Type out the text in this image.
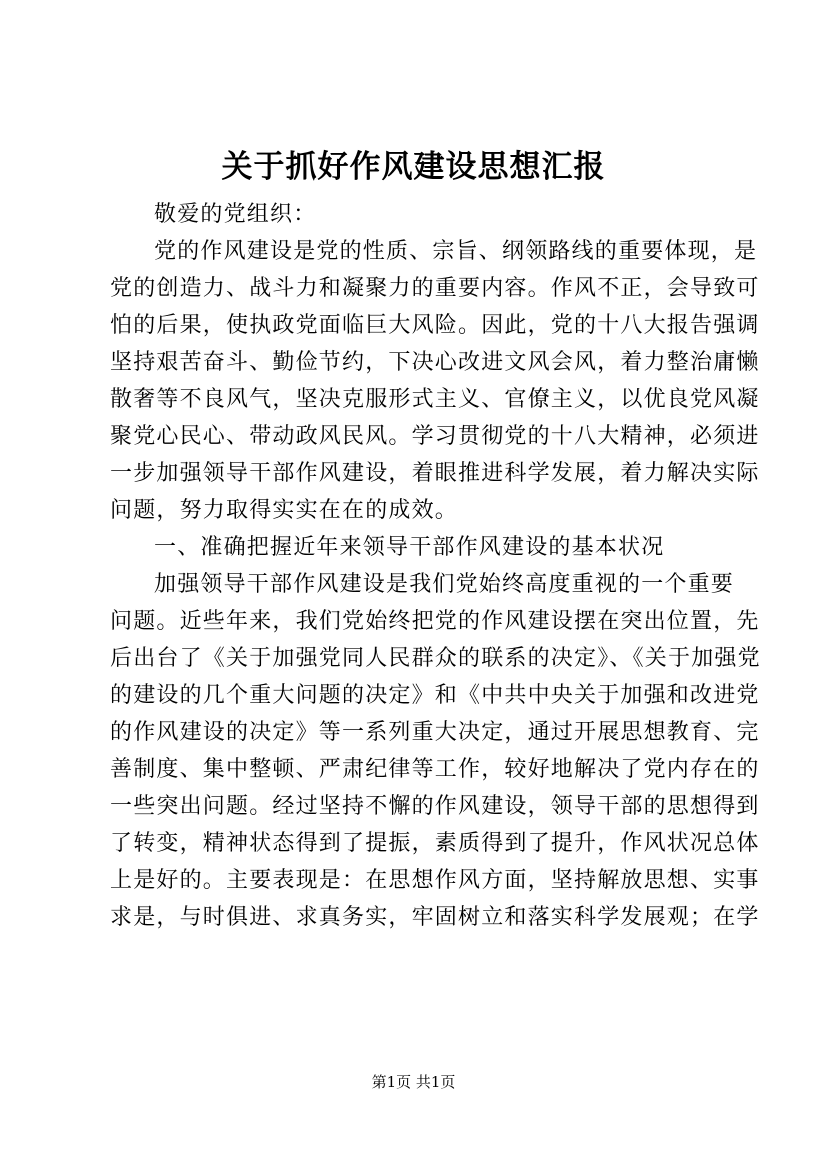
关于抓好作风建设思想汇报
敬爱的党组织：
党的作风建设是党的性质、宗旨、纲领路线的重要体现，是
党的创造力、战斗力和凝聚力的重要内容。作风不正，会导致可
怕的后果，使执政党面临巨大风险。因此，党的十八大报告强调
坚持艰苦奋斗、勤俭节约，下决心改进文风会风，着力整治庸懒
散奢等不良风气，坚决克服形式主义、官僚主义，以优良党风凝
聚党心民心、带动政风民风。学习贯彻党的十八大精神，必须进
一步加强领导干部作风建设，着眼推进科学发展，着力解决实际
问题，努力取得实实在在的成效。
一、准确把握近年来领导干部作风建设的基本状况
加强领导干部作风建设是我们党始终高度重视的一个重要
问题。近些年来，我们党始终把党的作风建设摆在突出位置，先
后出台了《关于加强党同人民群众的联系的决定》、《关于加强党
的建设的几个重大问题的决定》和《中共中央关于加强和改进党
的作风建设的决定》等一系列重大决定，通过开展思想教育、完
善制度、集中整顿、严肃纪律等工作，较好地解决了党内存在的
一些突出问题。经过坚持不懈的作风建设，领导干部的思想得到
了转变，精神状态得到了提振，素质得到了提升，作风状况总体
上是好的。主要表现是：在思想作风方面，坚持解放思想、实事
求是，与时俱进、求真务实，牢固树立和落实科学发展观；在学
第1页 共1页
